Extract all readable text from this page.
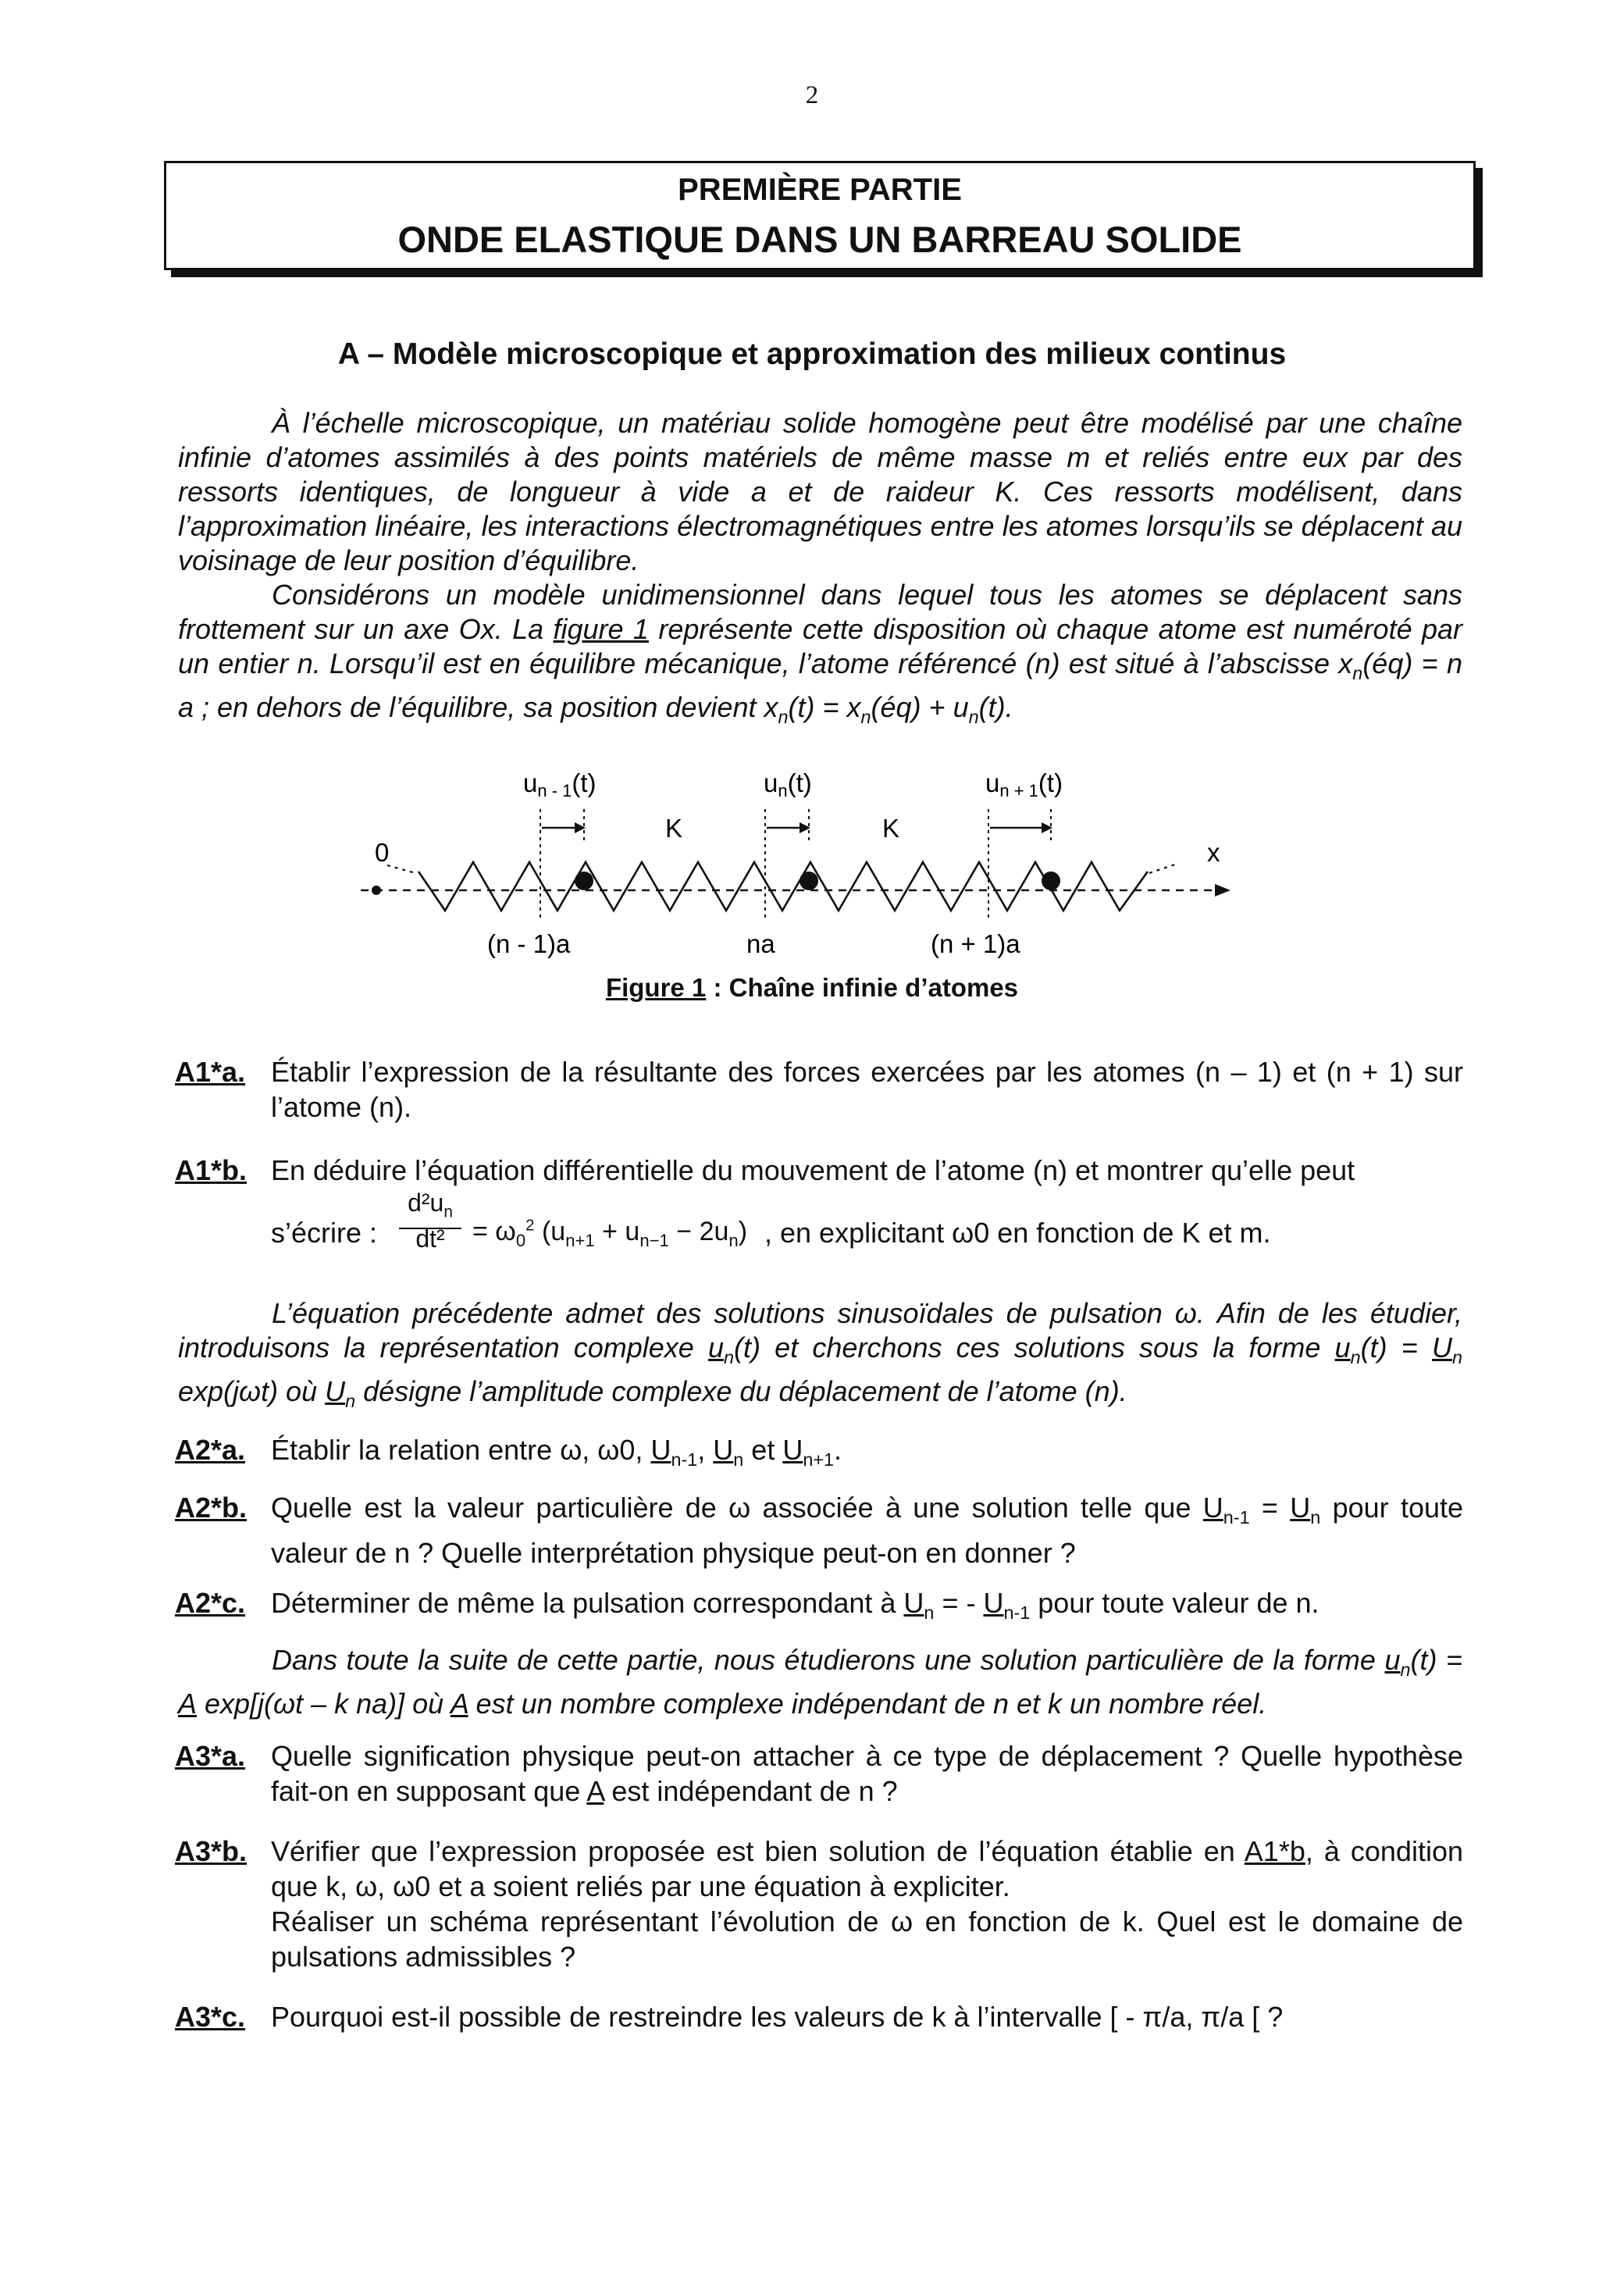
2
PREMIÈRE PARTIE
ONDE ELASTIQUE DANS UN BARREAU SOLIDE
A – Modèle microscopique et approximation des milieux continus
À l’échelle microscopique, un matériau solide homogène peut être modélisé par une chaîne infinie d’atomes assimilés à des points matériels de même masse m et reliés entre eux par des ressorts identiques, de longueur à vide a et de raideur K. Ces ressorts modélisent, dans l’approximation linéaire, les interactions électromagnétiques entre les atomes lorsqu’ils se déplacent au voisinage de leur position d’équilibre.
Considérons un modèle unidimensionnel dans lequel tous les atomes se déplacent sans frottement sur un axe Ox. La figure 1 représente cette disposition où chaque atome est numéroté par un entier n. Lorsqu’il est en équilibre mécanique, l’atome référencé (n) est situé à l’abscisse $x_n(éq) = n$ a ; en dehors de l’équilibre, sa position devient $x_n(t)$ = $x_n(éq) + u_n(t)$.
un - 1(t)	un(t)	un + 1(t)
K	K
0	x
(n - 1)a	na	(n + 1)a
Figure 1 : Chaîne infinie d’atomes
A1*a. Établir l’expression de la résultante des forces exercées par les atomes (n – 1) et (n + 1) sur l’atome (n).
A1*b. En déduire l’équation différentielle du mouvement de l’atome (n) et montrer qu’elle peut
s’écrire :
$d^2u_n$
dt²	= $\omega_0^2$ $(u_{n+1} + u_{n-1} - 2u_n)$ , en explicitant ω0 en fonction de K et m.
L’équation précédente admet des solutions sinusoïdales de pulsation ω. Afin de les étudier, introduisons la représentation complexe $u_n(t)$ et cherchons ces solutions sous la forme $u_n(t) = U_n$ exp(jωt) où $U_n$ désigne l’amplitude complexe du déplacement de l’atome (n).
A2*a. Établir la relation entre ω, ω0, $U_{n-1}$, $U_n$ et $U_{n+1}$.
A2*b. Quelle est la valeur particulière de ω associée à une solution telle que $U_{n-1} = U_n$ pour toute valeur de n ? Quelle interprétation physique peut-on en donner ?
A2*c. Déterminer de même la pulsation correspondant à $U_n$ = - $U_{n-1}$ pour toute valeur de n.
Dans toute la suite de cette partie, nous étudierons une solution particulière de la forme $u_n(t) = A$ exp[j(ωt – k na)] où A est un nombre complexe indépendant de n et k un nombre réel.
A3*a. Quelle signification physique peut-on attacher à ce type de déplacement ? Quelle hypothèse fait-on en supposant que A est indépendant de n ?
A3*b. Vérifier que l’expression proposée est bien solution de l’équation établie en A1*b, à condition que k, ω, ω0 et a soient reliés par une équation à expliciter.
Réaliser un schéma représentant l’évolution de ω en fonction de k. Quel est le domaine de pulsations admissibles ?
A3*c. Pourquoi est-il possible de restreindre les valeurs de k à l’intervalle [ - π/a, π/a [ ?
